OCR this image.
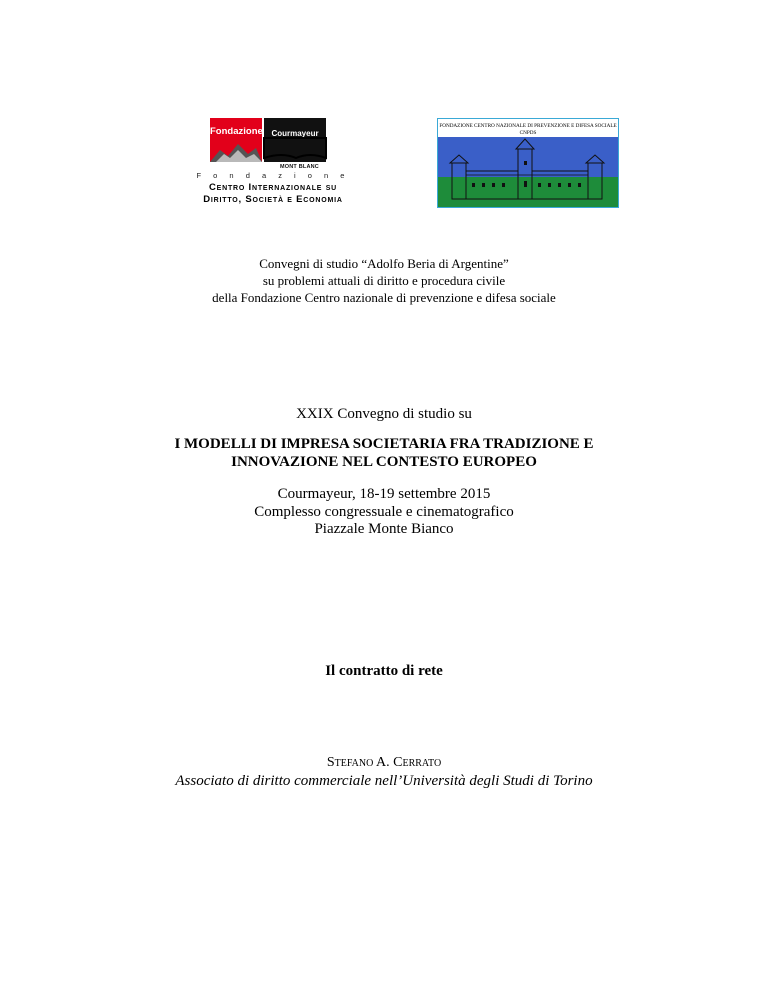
Fondazione	Courmayeur
MONT BLANC
F o n d a z i o n e
Centro Internazionale su
Diritto, Società e Economia
FONDAZIONE CENTRO NAZIONALE DI PREVENZIONE E DIFESA SOCIALE
CNPDS
Convegni di studio “Adolfo Beria di Argentine”
su problemi attuali di diritto e procedura civile
della Fondazione Centro nazionale di prevenzione e difesa sociale
XXIX Convegno di studio su
I MODELLI DI IMPRESA SOCIETARIA FRA TRADIZIONE E
INNOVAZIONE NEL CONTESTO EUROPEO
Courmayeur, 18-19 settembre 2015
Complesso congressuale e cinematografico
Piazzale Monte Bianco
Il contratto di rete
Stefano A. Cerrato
Associato di diritto commerciale nell’Università degli Studi di Torino
